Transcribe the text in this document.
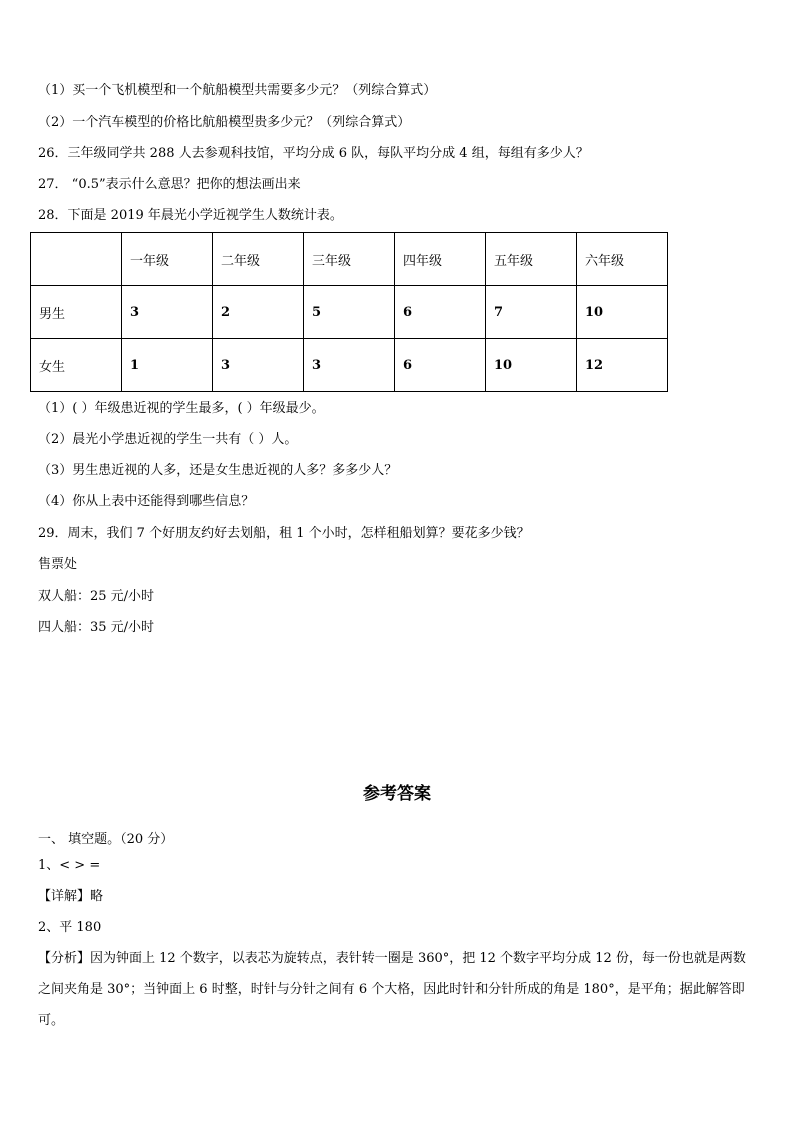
（1）买一个飞机模型和一个航船模型共需要多少元？（列综合算式）
（2）一个汽车模型的价格比航船模型贵多少元？（列综合算式）
26．三年级同学共 288 人去参观科技馆，平均分成 6 队，每队平均分成 4 组，每组有多少人？
27． “0.5”表示什么意思？把你的想法画出来
28．下面是 2019 年晨光小学近视学生人数统计表。
	一年级	二年级	三年级	四年级	五年级	六年级
男生	3	2	5	6	7	10
女生	1	3	3	6	10	12
（1）( ）年级患近视的学生最多，( ）年级最少。
（2）晨光小学患近视的学生一共有（ ）人。
（3）男生患近视的人多，还是女生患近视的人多？多多少人？
（4）你从上表中还能得到哪些信息？
29．周末，我们 7 个好朋友约好去划船，租 1 个小时，怎样租船划算？要花多少钱？
售票处
双人船：25 元/小时
四人船：35 元/小时
参考答案
一、 填空题。（20 分）
1、< > =
【详解】略
2、平 180
【分析】因为钟面上 12 个数字，以表芯为旋转点，表针转一圈是 360°，把 12 个数字平均分成 12 份，每一份也就是两数之间夹角是 30°；当钟面上 6 时整，时针与分针之间有 6 个大格，因此时针和分针所成的角是 180°，是平角；据此解答即可。
